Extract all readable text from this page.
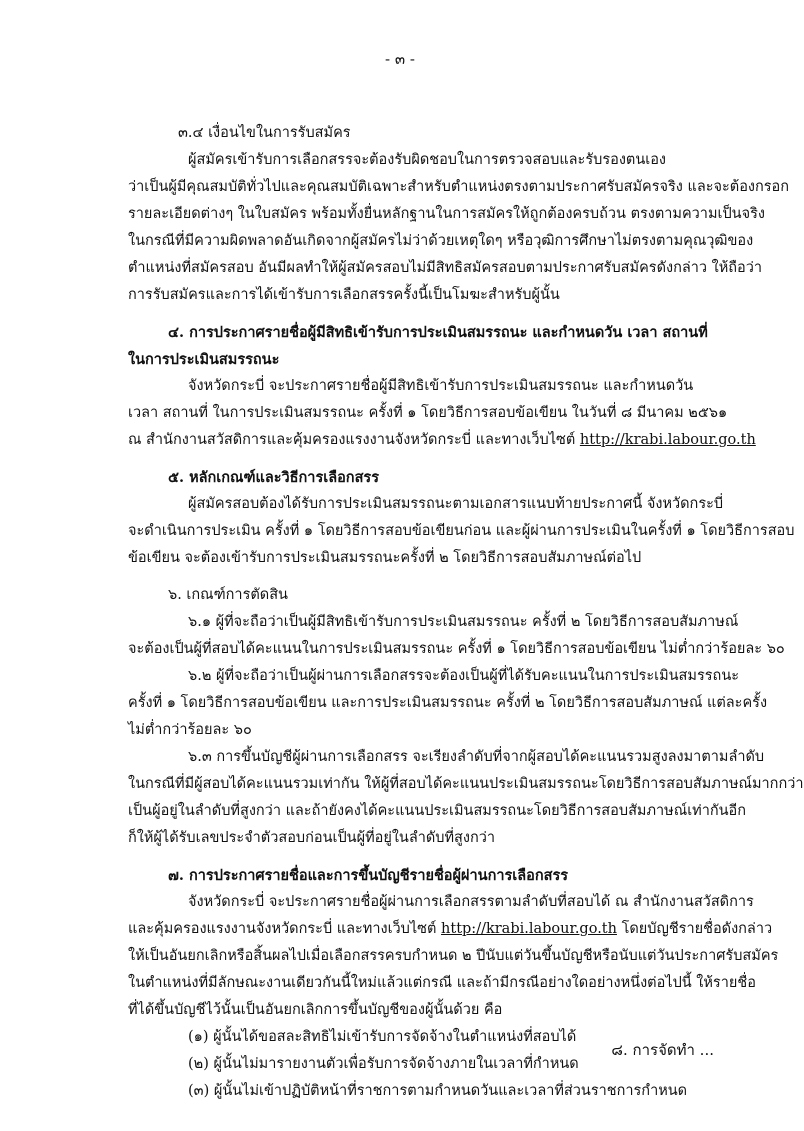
- ๓ -
๓.๔ เงื่อนไขในการรับสมัคร
ผู้สมัครเข้ารับการเลือกสรรจะต้องรับผิดชอบในการตรวจสอบและรับรองตนเอง
ว่าเป็นผู้มีคุณสมบัติทั่วไปและคุณสมบัติเฉพาะสำหรับตำแหน่งตรงตามประกาศรับสมัครจริง และจะต้องกรอก
รายละเอียดต่างๆ ในใบสมัคร พร้อมทั้งยื่นหลักฐานในการสมัครให้ถูกต้องครบถ้วน ตรงตามความเป็นจริง
ในกรณีที่มีความผิดพลาดอันเกิดจากผู้สมัครไม่ว่าด้วยเหตุใดๆ หรือวุฒิการศึกษาไม่ตรงตามคุณวุฒิของ
ตำแหน่งที่สมัครสอบ อันมีผลทำให้ผู้สมัครสอบไม่มีสิทธิสมัครสอบตามประกาศรับสมัครดังกล่าว ให้ถือว่า
การรับสมัครและการได้เข้ารับการเลือกสรรครั้งนี้เป็นโมฆะสำหรับผู้นั้น
๔. การประกาศรายชื่อผู้มีสิทธิเข้ารับการประเมินสมรรถนะ และกำหนดวัน เวลา สถานที่
ในการประเมินสมรรถนะ
จังหวัดกระบี่ จะประกาศรายชื่อผู้มีสิทธิเข้ารับการประเมินสมรรถนะ และกำหนดวัน
เวลา สถานที่ ในการประเมินสมรรถนะ ครั้งที่ ๑ โดยวิธีการสอบข้อเขียน ในวันที่ ๘ มีนาคม ๒๕๖๑
ณ สำนักงานสวัสดิการและคุ้มครองแรงงานจังหวัดกระบี่ และทางเว็บไซต์ http://krabi.labour.go.th
๕. หลักเกณฑ์และวิธีการเลือกสรร
ผู้สมัครสอบต้องได้รับการประเมินสมรรถนะตามเอกสารแนบท้ายประกาศนี้ จังหวัดกระบี่
จะดำเนินการประเมิน ครั้งที่ ๑ โดยวิธีการสอบข้อเขียนก่อน และผู้ผ่านการประเมินในครั้งที่ ๑ โดยวิธีการสอบ
ข้อเขียน จะต้องเข้ารับการประเมินสมรรถนะครั้งที่ ๒ โดยวิธีการสอบสัมภาษณ์ต่อไป
๖. เกณฑ์การตัดสิน
๖.๑ ผู้ที่จะถือว่าเป็นผู้มีสิทธิเข้ารับการประเมินสมรรถนะ ครั้งที่ ๒ โดยวิธีการสอบสัมภาษณ์
จะต้องเป็นผู้ที่สอบได้คะแนนในการประเมินสมรรถนะ ครั้งที่ ๑ โดยวิธีการสอบข้อเขียน ไม่ต่ำกว่าร้อยละ ๖๐
๖.๒ ผู้ที่จะถือว่าเป็นผู้ผ่านการเลือกสรรจะต้องเป็นผู้ที่ได้รับคะแนนในการประเมินสมรรถนะ
ครั้งที่ ๑ โดยวิธีการสอบข้อเขียน และการประเมินสมรรถนะ ครั้งที่ ๒ โดยวิธีการสอบสัมภาษณ์ แต่ละครั้ง
ไม่ต่ำกว่าร้อยละ ๖๐
๖.๓ การขึ้นบัญชีผู้ผ่านการเลือกสรร จะเรียงลำดับที่จากผู้สอบได้คะแนนรวมสูงลงมาตามลำดับ
ในกรณีที่มีผู้สอบได้คะแนนรวมเท่ากัน ให้ผู้ที่สอบได้คะแนนประเมินสมรรถนะโดยวิธีการสอบสัมภาษณ์มากกว่า
เป็นผู้อยู่ในลำดับที่สูงกว่า และถ้ายังคงได้คะแนนประเมินสมรรถนะโดยวิธีการสอบสัมภาษณ์เท่ากันอีก
ก็ให้ผู้ได้รับเลขประจำตัวสอบก่อนเป็นผู้ที่อยู่ในลำดับที่สูงกว่า
๗. การประกาศรายชื่อและการขึ้นบัญชีรายชื่อผู้ผ่านการเลือกสรร
จังหวัดกระบี่ จะประกาศรายชื่อผู้ผ่านการเลือกสรรตามลำดับที่สอบได้ ณ สำนักงานสวัสดิการ
และคุ้มครองแรงงานจังหวัดกระบี่ และทางเว็บไซต์ http://krabi.labour.go.th โดยบัญชีรายชื่อดังกล่าว
ให้เป็นอันยกเลิกหรือสิ้นผลไปเมื่อเลือกสรรครบกำหนด ๒ ปีนับแต่วันขึ้นบัญชีหรือนับแต่วันประกาศรับสมัคร
ในตำแหน่งที่มีลักษณะงานเดียวกันนี้ใหม่แล้วแต่กรณี และถ้ามีกรณีอย่างใดอย่างหนึ่งต่อไปนี้ ให้รายชื่อ
ที่ได้ขึ้นบัญชีไว้นั้นเป็นอันยกเลิกการขึ้นบัญชีของผู้นั้นด้วย คือ
(๑) ผู้นั้นได้ขอสละสิทธิไม่เข้ารับการจัดจ้างในตำแหน่งที่สอบได้
(๒) ผู้นั้นไม่มารายงานตัวเพื่อรับการจัดจ้างภายในเวลาที่กำหนด
(๓) ผู้นั้นไม่เข้าปฏิบัติหน้าที่ราชการตามกำหนดวันและเวลาที่ส่วนราชการกำหนด
๘. การจัดทำ ...
